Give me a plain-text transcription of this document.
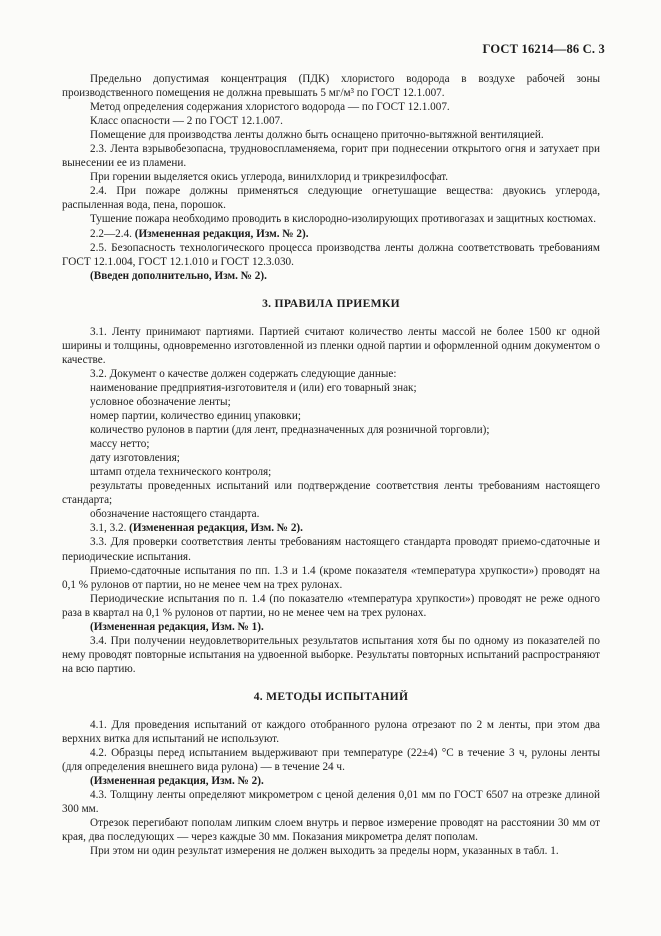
ГОСТ 16214—86 С. 3

Предельно допустимая концентрация (ПДК) хлористого водорода в воздухе рабочей зоны производственного помещения не должна превышать 5 мг/м³ по ГОСТ 12.1.007.

Метод определения содержания хлористого водорода — по ГОСТ 12.1.007.

Класс опасности — 2 по ГОСТ 12.1.007.

Помещение для производства ленты должно быть оснащено приточно-вытяжной вентиляцией.

2.3. Лента взрывобезопасна, трудновоспламеняема, горит при поднесении открытого огня и затухает при вынесении ее из пламени.

При горении выделяется окись углерода, винилхлорид и трикрезилфосфат.

2.4. При пожаре должны применяться следующие огнетушащие вещества: двуокись углерода, распыленная вода, пена, порошок.

Тушение пожара необходимо проводить в кислородно-изолирующих противогазах и защитных костюмах.

2.2—2.4. (Измененная редакция, Изм. № 2).

2.5. Безопасность технологического процесса производства ленты должна соответствовать требованиям ГОСТ 12.1.004, ГОСТ 12.1.010 и ГОСТ 12.3.030.

(Введен дополнительно, Изм. № 2).

3. ПРАВИЛА ПРИЕМКИ

3.1. Ленту принимают партиями. Партией считают количество ленты массой не более 1500 кг одной ширины и толщины, одновременно изготовленной из пленки одной партии и оформленной одним документом о качестве.

3.2. Документ о качестве должен содержать следующие данные:

наименование предприятия-изготовителя и (или) его товарный знак;

условное обозначение ленты;

номер партии, количество единиц упаковки;

количество рулонов в партии (для лент, предназначенных для розничной торговли);

массу нетто;

дату изготовления;

штамп отдела технического контроля;

результаты проведенных испытаний или подтверждение соответствия ленты требованиям настоящего стандарта;

обозначение настоящего стандарта.

3.1, 3.2. (Измененная редакция, Изм. № 2).

3.3. Для проверки соответствия ленты требованиям настоящего стандарта проводят приемо-сдаточные и периодические испытания.

Приемо-сдаточные испытания по пп. 1.3 и 1.4 (кроме показателя «температура хрупкости») проводят на 0,1 % рулонов от партии, но не менее чем на трех рулонах.

Периодические испытания по п. 1.4 (по показателю «температура хрупкости») проводят не реже одного раза в квартал на 0,1 % рулонов от партии, но не менее чем на трех рулонах.

(Измененная редакция, Изм. № 1).

3.4. При получении неудовлетворительных результатов испытания хотя бы по одному из показателей по нему проводят повторные испытания на удвоенной выборке. Результаты повторных испытаний распространяют на всю партию.

4. МЕТОДЫ ИСПЫТАНИЙ

4.1. Для проведения испытаний от каждого отобранного рулона отрезают по 2 м ленты, при этом два верхних витка для испытаний не используют.

4.2. Образцы перед испытанием выдерживают при температуре (22±4) °С в течение 3 ч, рулоны ленты (для определения внешнего вида рулона) — в течение 24 ч.

(Измененная редакция, Изм. № 2).

4.3. Толщину ленты определяют микрометром с ценой деления 0,01 мм по ГОСТ 6507 на отрезке длиной 300 мм.

Отрезок перегибают пополам липким слоем внутрь и первое измерение проводят на расстоянии 30 мм от края, два последующих — через каждые 30 мм. Показания микрометра делят пополам.

При этом ни один результат измерения не должен выходить за пределы норм, указанных в табл. 1.
